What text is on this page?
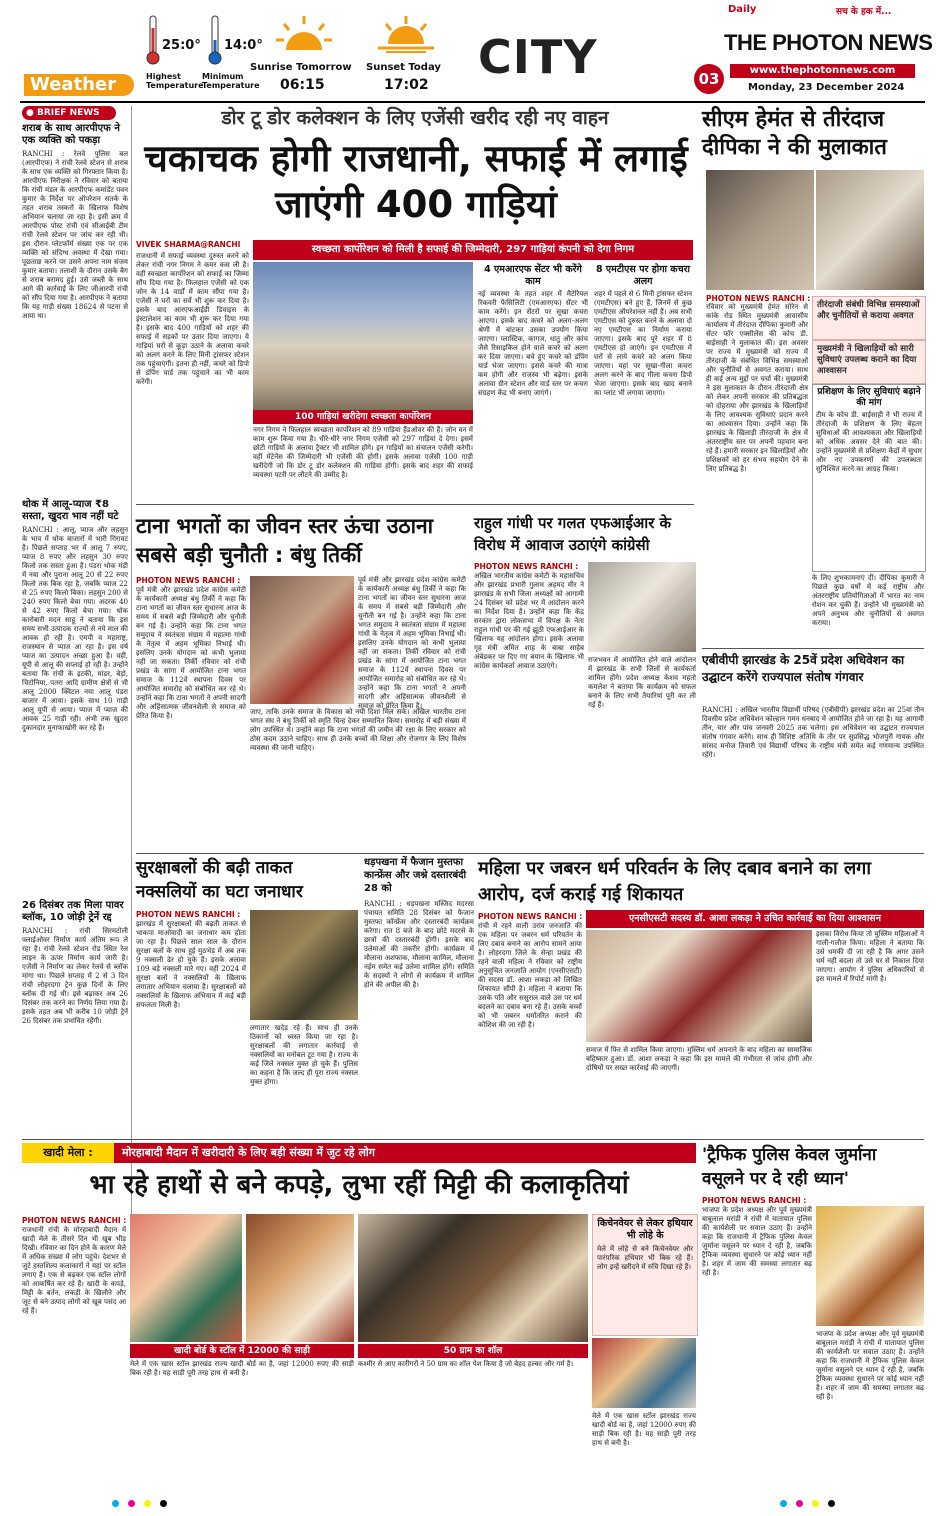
Weather
25:0°
Highest
Temperature
14:0°
Minimum
Temperature
Sunrise Tomorrow
06:15
Sunset Today
17:02
CITY
Daily	सच के हक में...
THE PHOTON NEWS
03	www.thephotonnews.com
Monday, 23 December 2024
● BRIEF NEWS
शराब के साथ आरपीएफ ने एक व्यक्ति को पकड़ा
RANCHI : रेलवे पुलिस बल (आरपीएफ) ने रांची रेलवे स्टेशन से शराब के साथ एक व्यक्ति को गिरफ्तार किया है। आरपीएफ निरीक्षक ने रविवार को बताया कि रांची मंडल के आरपीएफ कमांडेंट पवन कुमार के निर्देश पर ऑपरेशन सतर्क के तहत शराब तस्करों के खिलाफ विशेष अभियान चलाया जा रहा है। इसी क्रम में आरपीएफ पोस्ट रांची एवं सीआईबी टीम रांची रेलवे स्टेशन पर जांच कर रही थी। इस दौरान प्लेटफॉर्म संख्या एक पर एक व्यक्ति को संदिग्ध अवस्था में देखा गया। पूछताछ करने पर उसने अपना नाम संजय कुमार बताया। तलाशी के दौरान उसके बैग से शराब बरामद हुई। उसे जब्ती के साथ आगे की कार्रवाई के लिए जीआरपी रांची को सौंप दिया गया है। आरपीएफ ने बताया कि यह गाड़ी संख्या 18624 से पटना से आया था।
थोक में आलू-प्याज ₹8 सस्ता, खुदरा भाव नहीं घटे
RANCHI : आलू, प्याज और लहसुन के भाव में थोक बाजारों में भारी गिरावट है। पिछले सप्ताह भर में आलू 7 रुपए, प्याज 8 रुपए और लहसुन 30 रुपए किलो तक सस्ता हुआ है। पंडरा थोक मंडी में नया और पुराना आलू 20 से 22 रुपए किलो तक बिक रहा है, जबकि प्याज 22 से 25 रुपए किलो बिका। लहसुन 200 से 240 रुपए किलो बेचा गया। अदरक 40 से 42 रुपए किलो बेचा गया। थोक कारोबारी मदन साहू ने बताया कि इस समय सभी उत्पादक राज्यों से नये माल की आवक हो रही है। एमपी व महाराष्ट्र, राजस्थान से प्याज आ रहा है। इस वर्ष प्याज का उत्पादन अच्छा हुआ है। वहीं, यूपी से आलू की सप्लाई हो रही है। उन्होंने बताया कि रांची के इटकी, मांडर, बेड़ो, चिटोनिया, पतरा आदि ग्रामीण क्षेत्रों से भी आलू 2000 क्विंटल नया आलू पंडरा बाजार में आया। इसके साथ 10 गाड़ी आलू यूपी से आया। प्याज में प्याज की आवक 25 गाड़ी रही। अभी तक खुदरा दुकानदार मुनाफाखोरी कर रहे हैं।
26 दिसंबर तक मिला पावर ब्लॉक, 10 जोड़ी ट्रेनें रद्द
RANCHI : रांची सिरमटोली फ्लाईओवर निर्माण कार्य अंतिम रूप ले रहा है। रांची रेलवे स्टेशन रोड स्थित रेल लाइन के ऊपर निर्माण कार्य जारी है। एजेंसी ने निर्माण का लेकर रेलवे से ब्लॉक मांगा था। पिछले सप्ताह में 2 से 3 दिन रांची लोहरदगा ट्रेन कुछ दिनों के लिए ब्लॉक दी गई थी। इसे बढ़ाकर अब 26 दिसंबर तक करने का निर्णय लिया गया है। इसके तहत अब भी करीब 10 जोड़ी ट्रेनें 26 दिसंबर तक प्रभावित रहेंगी।
डोर टू डोर कलेक्शन के लिए एजेंसी खरीद रही नए वाहन
चकाचक होगी राजधानी, सफाई में लगाई जाएंगी 400 गाड़ियां
VIVEK SHARMA@RANCHI	स्वच्छता कार्पोरेशन को मिली है सफाई की जिम्मेदारी, 297 गाड़ियां कंपनी को देगा निगम
राजधानी में सफाई व्यवस्था दुरुस्त करने को लेकर रांची नगर निगम ने कमर कस ली है। वहीं स्वच्छता कार्पोरेशन को सफाई का जिम्मा सौंप दिया गया है। फिलहाल एजेंसी को एक जोन के 14 वार्डों में काम सौंपा गया है। एजेंसी ने घरों का सर्वे भी शुरू कर दिया है। इसके बाद आरएफआईडी डिवाइस के इंस्टालेशन का काम भी शुरू कर दिया गया है। इसके बाद 400 गाड़ियों को शहर की सफाई में सड़कों पर उतार दिया जाएगा। ये गाड़ियां घरों से कूड़ा उठाने के अलावा कचरे को अलग करने के लिए मिनी ट्रांसफर स्टेशन तक पहुंचाएंगी। इतना ही नहीं, कचरे को डिपो से डंपिंग यार्ड तक पहुंचाने का भी काम करेंगी।
100 गाड़ियां खरीदेगा स्वच्छता कार्पोरेशन
नगर निगम ने फिलहाल स्वच्छता कार्पोरेशन को 89 गाड़ियां हैंडओवर की हैं। जोन वन में काम शुरू किया गया है। धीरे-धीरे नगर निगम एजेंसी को 297 गाड़ियां दे देगा। इसमें छोटी गाड़ियों के अलावा ट्रैक्टर भी शामिल होंगे। इन गाड़ियों का संचालन एजेंसी करेगी। वहीं मेंटेनेंस की जिम्मेदारी भी एजेंसी की होगी। इसके अलावा एजेंसी 100 गाड़ी खरीदेगी जो कि डोर टू डोर कलेक्शन की गाड़ियां होंगी। इसके बाद शहर की सफाई व्यवस्था पटरी पर लौटने की उम्मीद है।
4 एमआरएफ सेंटर भी करेंगे काम
नई व्यवस्था के तहत शहर में मैटेरियल रिकवरी फैसिलिटी (एमआरएफ) सेंटर भी काम करेंगे। इन सेंटरों पर सूखा कचरा आएगा। इसके बाद कचरे को अलग-अलग श्रेणी में बांटकर उसका उपयोग किया जाएगा। प्लास्टिक, कागज, धातु और कांच जैसे रिसाइकिल होने वाले कचरे को अलग कर दिया जाएगा। बचे हुए कचरे को डंपिंग यार्ड भेजा जाएगा। इससे कचरे की मात्रा कम होगी और राजस्व भी बढ़ेगा। इसके अलावा ग्रीन स्टेशन और वार्ड स्तर पर कचरा संग्रहण केंद्र भी बनाए जाएंगे।
8 एमटीएस पर होगा कचरा अलग
शहर में पहले से 6 मिनी ट्रांसफर स्टेशन (एमटीएस) बने हुए हैं, जिनमें से कुछ एमटीएस ऑपरेशनल नहीं हैं। अब सभी एमटीएस को दुरुस्त करने के अलावा दो नए एमटीएस का निर्माण कराया जाएगा। इसके बाद पूरे शहर में 8 एमटीएस हो जाएंगे। इन एमटीएस में घरों से लाये कचरे को अलग किया जाएगा। यहां पर सूखा-गीला कचरा अलग करने के बाद गीला कचरा डिपो भेजा जाएगा। इसके बाद खाद बनाने का प्लांट भी लगाया जाएगा।
सीएम हेमंत से तीरंदाज दीपिका ने की मुलाकात
PHOTON NEWS RANCHI :
रविवार को मुख्यमंत्री हेमंत सोरेन से कांके रोड स्थित मुख्यमंत्री आवासीय कार्यालय में तीरंदाज दीपिका कुमारी और सेंटर फॉर एक्सीलेंस की कोच डी. बाईसाही ने मुलाकात की। इस अवसर पर राज्य में मुख्यमंत्री को राज्य में तीरंदाजी के संबंधित विभिन्न समस्याओं और चुनौतियों से अवगत कराया। साथ ही कई अन्य मुद्दों पर चर्चा की। मुख्यमंत्री ने इस मुलाकात के दौरान तीरंदाजी क्षेत्र को लेकर अपनी सरकार की प्रतिबद्धता को दोहराया और झारखंड के खिलाड़ियों के लिए आवश्यक सुविधाएं प्रदान करने का आश्वासन दिया। उन्होंने कहा कि झारखंड के खिलाड़ी तीरंदाजी के क्षेत्र में अंतरराष्ट्रीय स्तर पर अपनी पहचान बना रहे हैं। हमारी सरकार इन खिलाड़ियों और प्रशिक्षकों को हर संभव सहयोग देने के लिए प्रतिबद्ध है।
तीरंदाजी संबंधी विभिन्न समस्याओं और चुनौतियों से कराया अवगत
मुख्यमंत्री ने खिलाड़ियों को सारी सुविधाएं उपलब्ध कराने का दिया आश्वासन
प्रशिक्षण के लिए सुविधाएं बढ़ाने की मांग
टीम के कोच डी. बाईसाही ने भी राज्य में तीरंदाजी के प्रशिक्षण के लिए बेहतर सुविधाओं की आवश्यकता और खिलाड़ियों को अधिक अवसर देने की बात की। उन्होंने मुख्यमंत्री से प्रशिक्षण केंद्रों में सुधार और नए उपकरणों की उपलब्धता सुनिश्चित करने का आग्रह किया।
के लिए शुभकामनाएं दीं। दीपिका कुमारी ने पिछले कुछ वर्षों में कई राष्ट्रीय और अंतरराष्ट्रीय प्रतियोगिताओं में भारत का नाम रोशन कर चुकी हैं। उन्होंने भी मुख्यमंत्री को अपने अनुभव और चुनौतियों से अवगत कराया।
टाना भगतों का जीवन स्तर ऊंचा उठाना सबसे बड़ी चुनौती : बंधु तिर्की
PHOTON NEWS RANCHI :
पूर्व मंत्री और झारखंड प्रदेश कांग्रेस कमेटी के कार्यकारी अध्यक्ष बंधु तिर्की ने कहा कि टाना भगतों का जीवन स्तर सुधारना आज के समय में सबसे बड़ी जिम्मेदारी और चुनौती बन गई है। उन्होंने कहा कि टाना भगत समुदाय ने स्वतंत्रता संग्राम में महात्मा गांधी के नेतृत्व में अहम भूमिका निभाई थी। इसलिए उनके योगदान को कभी भुलाया नहीं जा सकता। तिर्की रविवार को रांची प्रखंड के सांगा में आयोजित टाना भगत समाज के 112वें स्थापना दिवस पर आयोजित समारोह को संबोधित कर रहे थे। उन्होंने कहा कि टाना भगतों ने अपनी सादगी और अहिंसात्मक जीवनशैली से समाज को प्रेरित किया है।	जाए, ताकि उनके समाज के विकास को नयी दिशा मिल सके। अखिल भारतीय टाना भगत संघ ने बंधु तिर्की को स्मृति चिन्ह देकर सम्मानित किया। समारोह में बड़ी संख्या में लोग उपस्थित थे। उन्होंने कहा कि टाना भगतों की जमीन की रक्षा के लिए सरकार को ठोस कदम उठाने चाहिए। साथ ही उनके बच्चों की शिक्षा और रोजगार के लिए विशेष व्यवस्था की जानी चाहिए।
पूर्व मंत्री और झारखंड प्रदेश कांग्रेस कमेटी के कार्यकारी अध्यक्ष बंधु तिर्की ने कहा कि टाना भगतों का जीवन स्तर सुधारना आज के समय में सबसे बड़ी जिम्मेदारी और चुनौती बन गई है। उन्होंने कहा कि टाना भगत समुदाय ने स्वतंत्रता संग्राम में महात्मा गांधी के नेतृत्व में अहम भूमिका निभाई थी। इसलिए उनके योगदान को कभी भुलाया नहीं जा सकता। तिर्की रविवार को रांची प्रखंड के सांगा में आयोजित टाना भगत समाज के 112वें स्थापना दिवस पर आयोजित समारोह को संबोधित कर रहे थे। उन्होंने कहा कि टाना भगतों ने अपनी सादगी और अहिंसात्मक जीवनशैली से समाज को प्रेरित किया है।
राहुल गांधी पर गलत एफआईआर के विरोध में आवाज उठाएंगे कांग्रेसी
PHOTON NEWS RANCHI :
अखिल भारतीय कांग्रेस कमेटी के महासचिव और झारखंड प्रभारी गुलाम अहमद मीर ने झारखंड के सभी जिला अध्यक्षों को आगामी 24 दिसंबर को प्रदेश भर में आंदोलन करने का निर्देश दिया है। उन्होंने कहा कि केंद्र सरकार द्वारा लोकसभा में विपक्ष के नेता राहुल गांधी पर की गई झूठी एफआईआर के खिलाफ यह आंदोलन होगा। इसके अलावा गृह मंत्री अमित शाह के बाबा साहेब अंबेडकर पर दिए गए बयान के खिलाफ भी कांग्रेस कार्यकर्ता आवाज उठाएंगे।
राजभवन में आयोजित होने वाले आंदोलन में झारखंड के सभी जिलों से कार्यकर्ता शामिल होंगे। प्रदेश अध्यक्ष केशव महतो कमलेश ने बताया कि कार्यक्रम को सफल बनाने के लिए सभी तैयारियां पूरी कर ली गई हैं।
एबीवीपी झारखंड के 25वें प्रदेश अधिवेशन का उद्घाटन करेंगे राज्यपाल संतोष गंगवार
RANCHI : अखिल भारतीय विद्यार्थी परिषद (एबीवीपी) झारखंड प्रदेश का 25वां तीन दिवसीय प्रदेश अधिवेशन कोल्हान गमन धनबाद में आयोजित होने जा रहा है। यह आगामी तीन, चार और पांच जनवरी 2025 तक चलेगा। इस अधिवेशन का उद्घाटन राज्यपाल संतोष गंगवार करेंगे। साथ ही विशिष्ट अतिथि के तौर पर सुप्रसिद्ध भोजपुरी गायक और सांसद मनोज तिवारी एवं विद्यार्थी परिषद के राष्ट्रीय मंत्री समेत कई गणमान्य उपस्थित रहेंगे।
सुरक्षाबलों की बढ़ी ताकत नक्सलियों का घटा जनाधार
PHOTON NEWS RANCHI :
झारखंड में सुरक्षाबलों की बढ़ती ताकत से भाकपा माओवादी का जनाधार कम होता जा रहा है। पिछले साल साल के दौरान सुरक्षा बलों के साथ हुई मुठभेड़ में अब तक 9 नक्सली ढेर हो चुके हैं। इसके अलावा 109 बड़े नक्सली मारे गए। वहीं 2024 में सुरक्षा बलों ने नक्सलियों के खिलाफ लगातार अभियान चलाया है। सुरक्षाबलों को नक्सलियों के खिलाफ अभियान में कई बड़ी सफलता मिली है।
लगातार खदेड़ रहे हैं। साथ ही उनके ठिकानों को ध्वस्त किया जा रहा है। सुरक्षाबलों की लगातार कार्रवाई से नक्सलियों का मनोबल टूट गया है। राज्य के कई जिले नक्सल मुक्त हो चुके हैं। पुलिस का कहना है कि जल्द ही पूरा राज्य नक्सल मुक्त होगा।
धड़पखना में फैजान मुस्तफा कान्फ्रेंस और जश्ने दस्तारबंदी 28 को
RANCHI : धड़पखना मस्जिद मदरसा पंचायत समिति 28 दिसंबर को फैजान मुस्तफा कॉन्फ्रेंस और दस्तारबंदी कार्यक्रम करेगा। रात 8 बजे के बाद छोटे मदरसे के छात्रों की दस्तारबंदी होगी। इसके बाद उलेमाओं की तकरीर होगी। कार्यक्रम में मौलाना अशफाक, मौलाना कामिल, मौलाना नईम समेत कई उलेमा शामिल होंगे। समिति के सदस्यों ने लोगों से कार्यक्रम में शामिल होने की अपील की है।
महिला पर जबरन धर्म परिवर्तन के लिए दबाव बनाने का लगा आरोप, दर्ज कराई गई शिकायत
एनसीएसटी सदस्य डॉ. आशा लकड़ा ने उचित कार्रवाई का दिया आश्वासन
PHOTON NEWS RANCHI :
रांची में रहने वाली उरांव जनजाति की एक महिला पर जबरन धर्म परिवर्तन के लिए दबाव बनाने का आरोप सामने आया है। लोहरदगा जिले के सेन्हा प्रखंड की रहने वाली महिला ने रविवार को राष्ट्रीय अनुसूचित जनजाति आयोग (एनसीएसटी) की सदस्य डॉ. आशा लकड़ा को लिखित शिकायत सौंपी है। महिला ने बताया कि उसके पति और ससुराल वाले उस पर धर्म बदलने का दबाव बना रहे हैं। उसके बच्चों को भी जबरन धर्मांतरित कराने की कोशिश की जा रही है।
समाज में फिर से शामिल किया जाएगा। मुस्लिम धर्म अपनाने के बाद महिला का सामाजिक बहिष्कार हुआ। डॉ. आशा लकड़ा ने कहा कि इस मामले की गंभीरता से जांच होगी और दोषियों पर सख्त कार्रवाई की जाएगी।
इसका विरोध किया तो मुस्लिम महिलाओं ने गाली-गलौज किया। महिला ने बताया कि उसे धमकी दी जा रही है कि अगर उसने धर्म नहीं बदला तो उसे घर से निकाल दिया जाएगा। आयोग ने पुलिस अधिकारियों से इस मामले में रिपोर्ट मांगी है।
खादी मेला :	मोरहाबादी मैदान में खरीदारी के लिए बड़ी संख्या में जुट रहे लोग
भा रहे हाथों से बने कपड़े, लुभा रहीं मिट्टी की कलाकृतियां
PHOTON NEWS RANCHI :
राजधानी रांची के मोरहाबादी मैदान में खादी मेले के तीसरे दिन भी खूब भीड़ दिखी। रविवार का दिन होने के कारण मेले में अधिक संख्या में लोग पहुंचे। देशभर से जुटे हस्तशिल्प कलाकारों ने यहां पर स्टॉल लगाए हैं। एक से बढ़कर एक स्टॉल लोगों को आकर्षित कर रहे हैं। खादी के कपड़े, मिट्टी के बर्तन, लकड़ी के खिलौने और जूट से बने उत्पाद लोगों को खूब पसंद आ रहे हैं।
खादी बोर्ड के स्टॉल में 12000 की साड़ी
मेले में एक खास स्टॉल झारखंड राज्य खादी बोर्ड का है, जहां 12000 रुपए की साड़ी बिक रही है। यह साड़ी पूरी तरह हाथ से बनी है।
50 ग्राम का शॉल
कश्मीर से आए कारीगरों ने 50 ग्राम का शॉल पेश किया है जो बेहद हल्का और गर्म है।
किचेनवेयर से लेकर हथियार भी लोहे के
मेले में लोहे से बने किचेनवेयर और पारंपरिक हथियार भी बिक रहे हैं। लोग इन्हें खरीदने में रुचि दिखा रहे हैं।
मेले में एक खास स्टॉल झारखंड राज्य खादी बोर्ड का है, जहां 12000 रुपए की साड़ी बिक रही है। यह साड़ी पूरी तरह हाथ से बनी है।
'ट्रैफिक पुलिस केवल जुर्माना वसूलने पर दे रही ध्यान'
PHOTON NEWS RANCHI :
भाजपा के प्रदेश अध्यक्ष और पूर्व मुख्यमंत्री बाबूलाल मरांडी ने रांची में यातायात पुलिस की कार्यशैली पर सवाल उठाए हैं। उन्होंने कहा कि राजधानी में ट्रैफिक पुलिस केवल जुर्माना वसूलने पर ध्यान दे रही है, जबकि ट्रैफिक व्यवस्था सुधारने पर कोई ध्यान नहीं है। शहर में जाम की समस्या लगातार बढ़ रही है।
भाजपा के प्रदेश अध्यक्ष और पूर्व मुख्यमंत्री बाबूलाल मरांडी ने रांची में यातायात पुलिस की कार्यशैली पर सवाल उठाए हैं। उन्होंने कहा कि राजधानी में ट्रैफिक पुलिस केवल जुर्माना वसूलने पर ध्यान दे रही है, जबकि ट्रैफिक व्यवस्था सुधारने पर कोई ध्यान नहीं है। शहर में जाम की समस्या लगातार बढ़ रही है।
